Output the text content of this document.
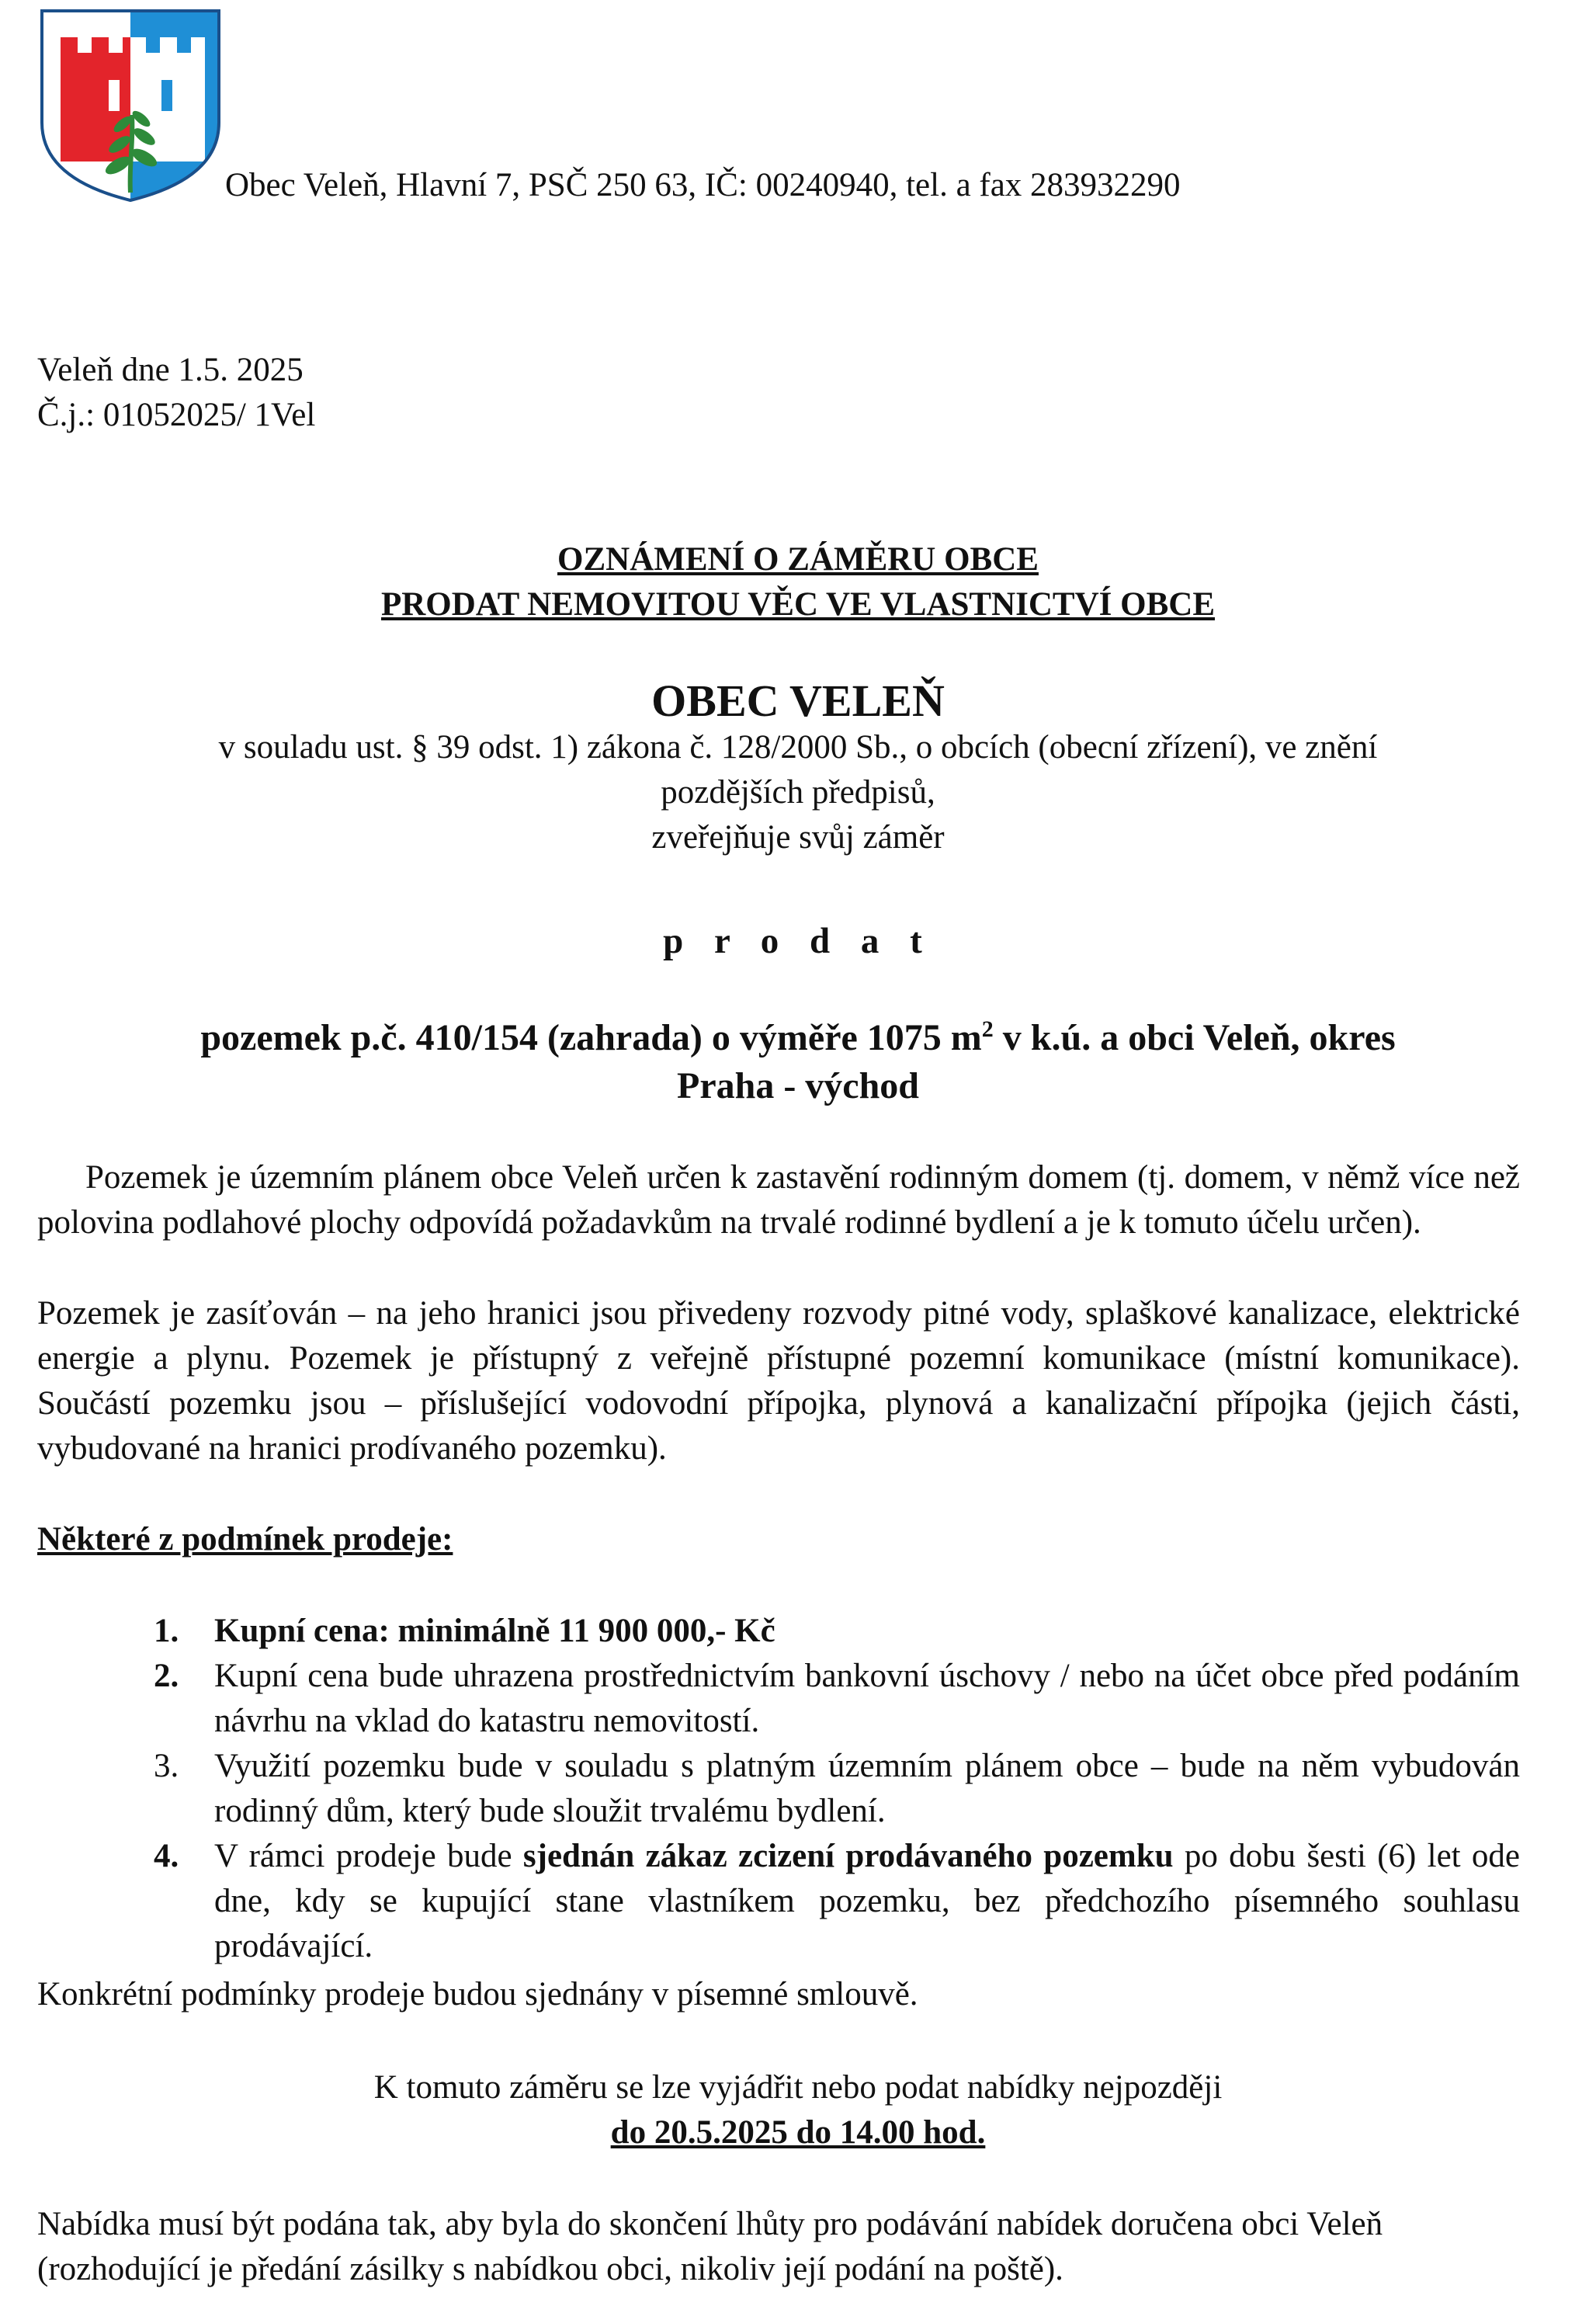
Obec Veleň, Hlavní 7, PSČ 250 63, IČ: 00240940, tel. a fax 283932290
Veleň dne 1.5. 2025
Č.j.: 01052025/ 1Vel
OZNÁMENÍ O ZÁMĚRU OBCE
PRODAT NEMOVITOU VĚC VE VLASTNICTVÍ OBCE
OBEC VELEŇ
v souladu ust. § 39 odst. 1) zákona č. 128/2000 Sb., o obcích (obecní zřízení), ve znění
pozdějších předpisů,
zveřejňuje svůj záměr
p r o d a t
pozemek p.č. 410/154 (zahrada) o výměře 1075 $m^2$ v k.ú. a obci Veleň, okres
Praha - východ
Pozemek je územním plánem obce Veleň určen k zastavění rodinným domem (tj. domem, v němž více než polovina podlahové plochy odpovídá požadavkům na trvalé rodinné bydlení a je k tomuto účelu určen).
Pozemek je zasíťován – na jeho hranici jsou přivedeny rozvody pitné vody, splaškové kanalizace, elektrické energie a plynu. Pozemek je přístupný z veřejně přístupné pozemní komunikace (místní komunikace). Součástí pozemku jsou – příslušející vodovodní přípojka, plynová a kanalizační přípojka (jejich části, vybudované na hranici prodívaného pozemku).
Některé z podmínek prodeje:
1. Kupní cena: minimálně 11 900 000,- Kč
2. Kupní cena bude uhrazena prostřednictvím bankovní úschovy / nebo na účet obce před podáním návrhu na vklad do katastru nemovitostí.
3. Využití pozemku bude v souladu s platným územním plánem obce – bude na něm vybudován rodinný dům, který bude sloužit trvalému bydlení.
4. V rámci prodeje bude sjednán zákaz zcizení prodávaného pozemku po dobu šesti (6) let ode dne, kdy se kupující stane vlastníkem pozemku, bez předchozího písemného souhlasu prodávající.
Konkrétní podmínky prodeje budou sjednány v písemné smlouvě.
K tomuto záměru se lze vyjádřit nebo podat nabídky nejpozději
do 20.5.2025 do 14.00 hod.
Nabídka musí být podána tak, aby byla do skončení lhůty pro podávání nabídek doručena obci Veleň (rozhodující je předání zásilky s nabídkou obci, nikoliv její podání na poště).
